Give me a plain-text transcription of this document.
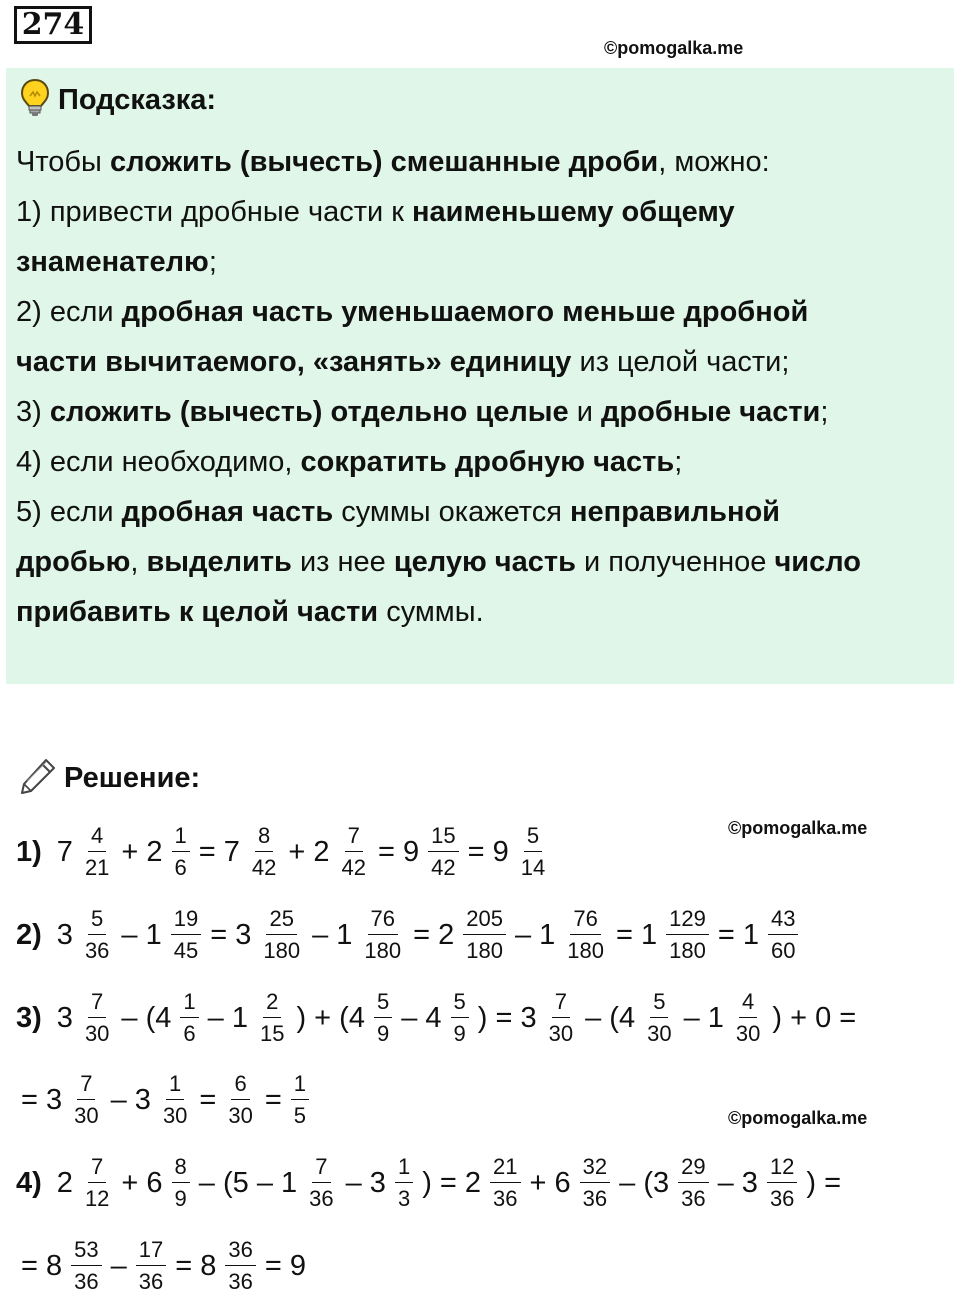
274
©pomogalka.me
Подсказка:
Чтобы сложить (вычесть) смешанные дроби, можно:
1) привести дробные части к наименьшему общему
знаменателю;
2) если дробная часть уменьшаемого меньше дробной
части вычитаемого, «занять» единицу из целой части;
3) сложить (вычесть) отдельно целые и дробные части;
4) если необходимо, сократить дробную часть;
5) если дробная часть суммы окажется неправильной
дробью, выделить из нее целую часть и полученное число
прибавить к целой части суммы.
Решение:
©pomogalka.me
©pomogalka.me
1) $7 \frac{4}{21} + 2 \frac{1}{6} = 7 \frac{8}{42} + 2 \frac{7}{42} = 9 \frac{15}{42} = 9 \frac{5}{14}$
2) $3 \frac{5}{36} - 1 \frac{19}{45} = 3 \frac{25}{180} - 1 \frac{76}{180} = 2 \frac{205}{180} - 1 \frac{76}{180} = 1 \frac{129}{180} = 1 \frac{43}{60}$
3) $3 \frac{7}{30} - (4 \frac{1}{6} - 1 \frac{2}{15}$ ) + ($4 \frac{5}{9} - 4 \frac{5}{9}$ ) = $3 \frac{7}{30} - (4 \frac{5}{30} - 1 \frac{4}{30}$ ) + 0 =
= $3 \frac{7}{30} - 3 \frac{1}{30} = \frac{6}{30} = \frac{1}{5}$
4) $2 \frac{7}{12} + 6 \frac{8}{9} - (5 - 1 \frac{7}{36} - 3 \frac{1}{3}$ ) = $2 \frac{21}{36} + 6 \frac{32}{36} - (3 \frac{29}{36} - 3 \frac{12}{36}$ ) =
= $8 \frac{53}{36} - \frac{17}{36} = 8 \frac{36}{36} = 9$
